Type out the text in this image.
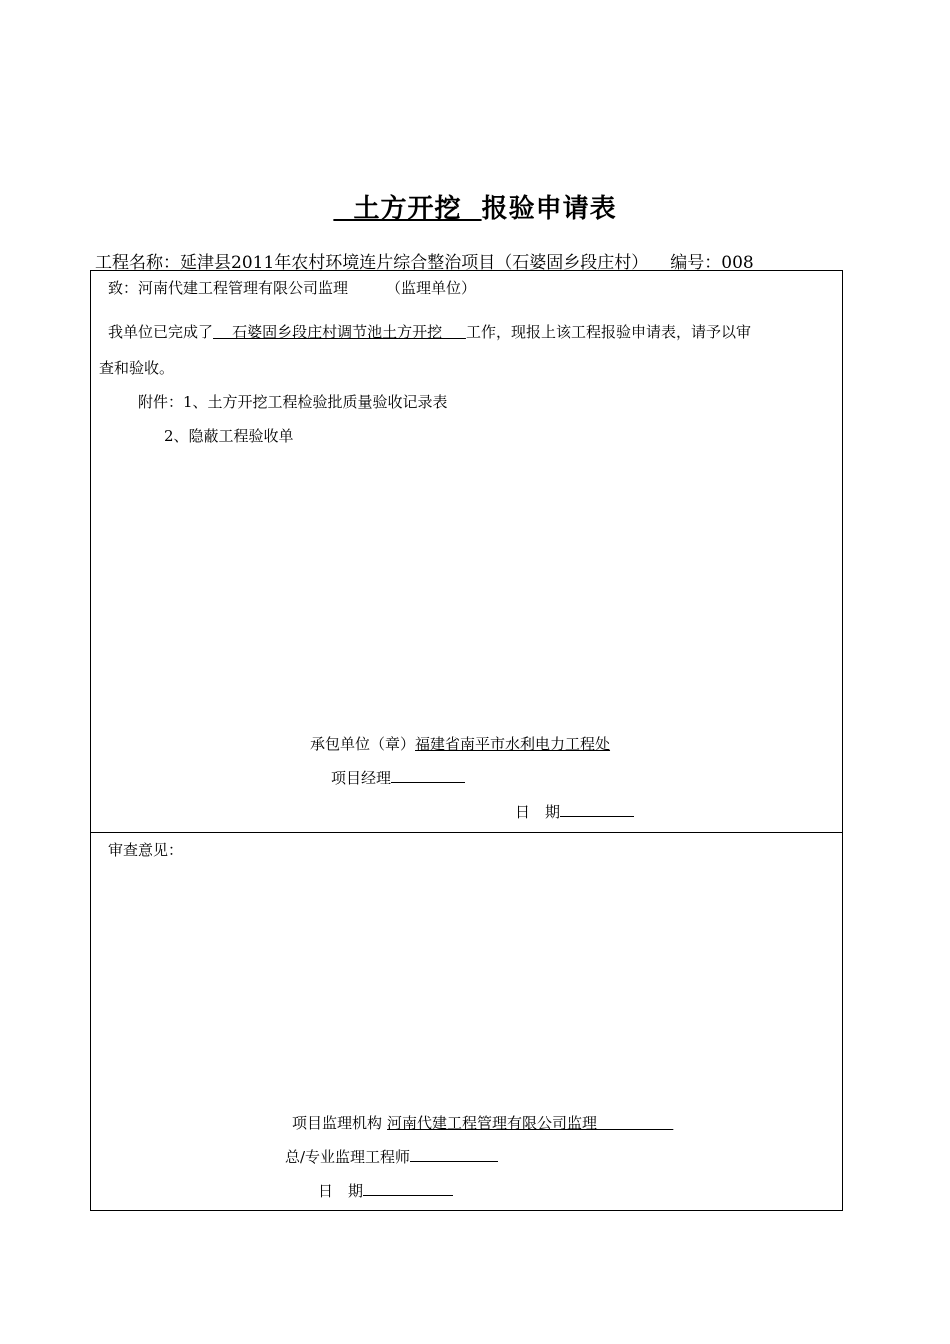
土方开挖  报验申请表
工程名称：延津县2011年农村环境连片综合整治项目（石婆固乡段庄村） 编号：008
致：河南代建工程管理有限公司监理	（监理单位）
我单位已完成了    石婆固乡段庄村调节池土方开挖     工作，现报上该工程报验申请表，请予以审
查和验收。
附件：1、土方开挖工程检验批质量验收记录表
2、隐蔽工程验收单
承包单位（章）福建省南平市水利电力工程处
项目经理
日　期
审查意见：
项目监理机构 河南代建工程管理有限公司监理
总/专业监理工程师
日　期
